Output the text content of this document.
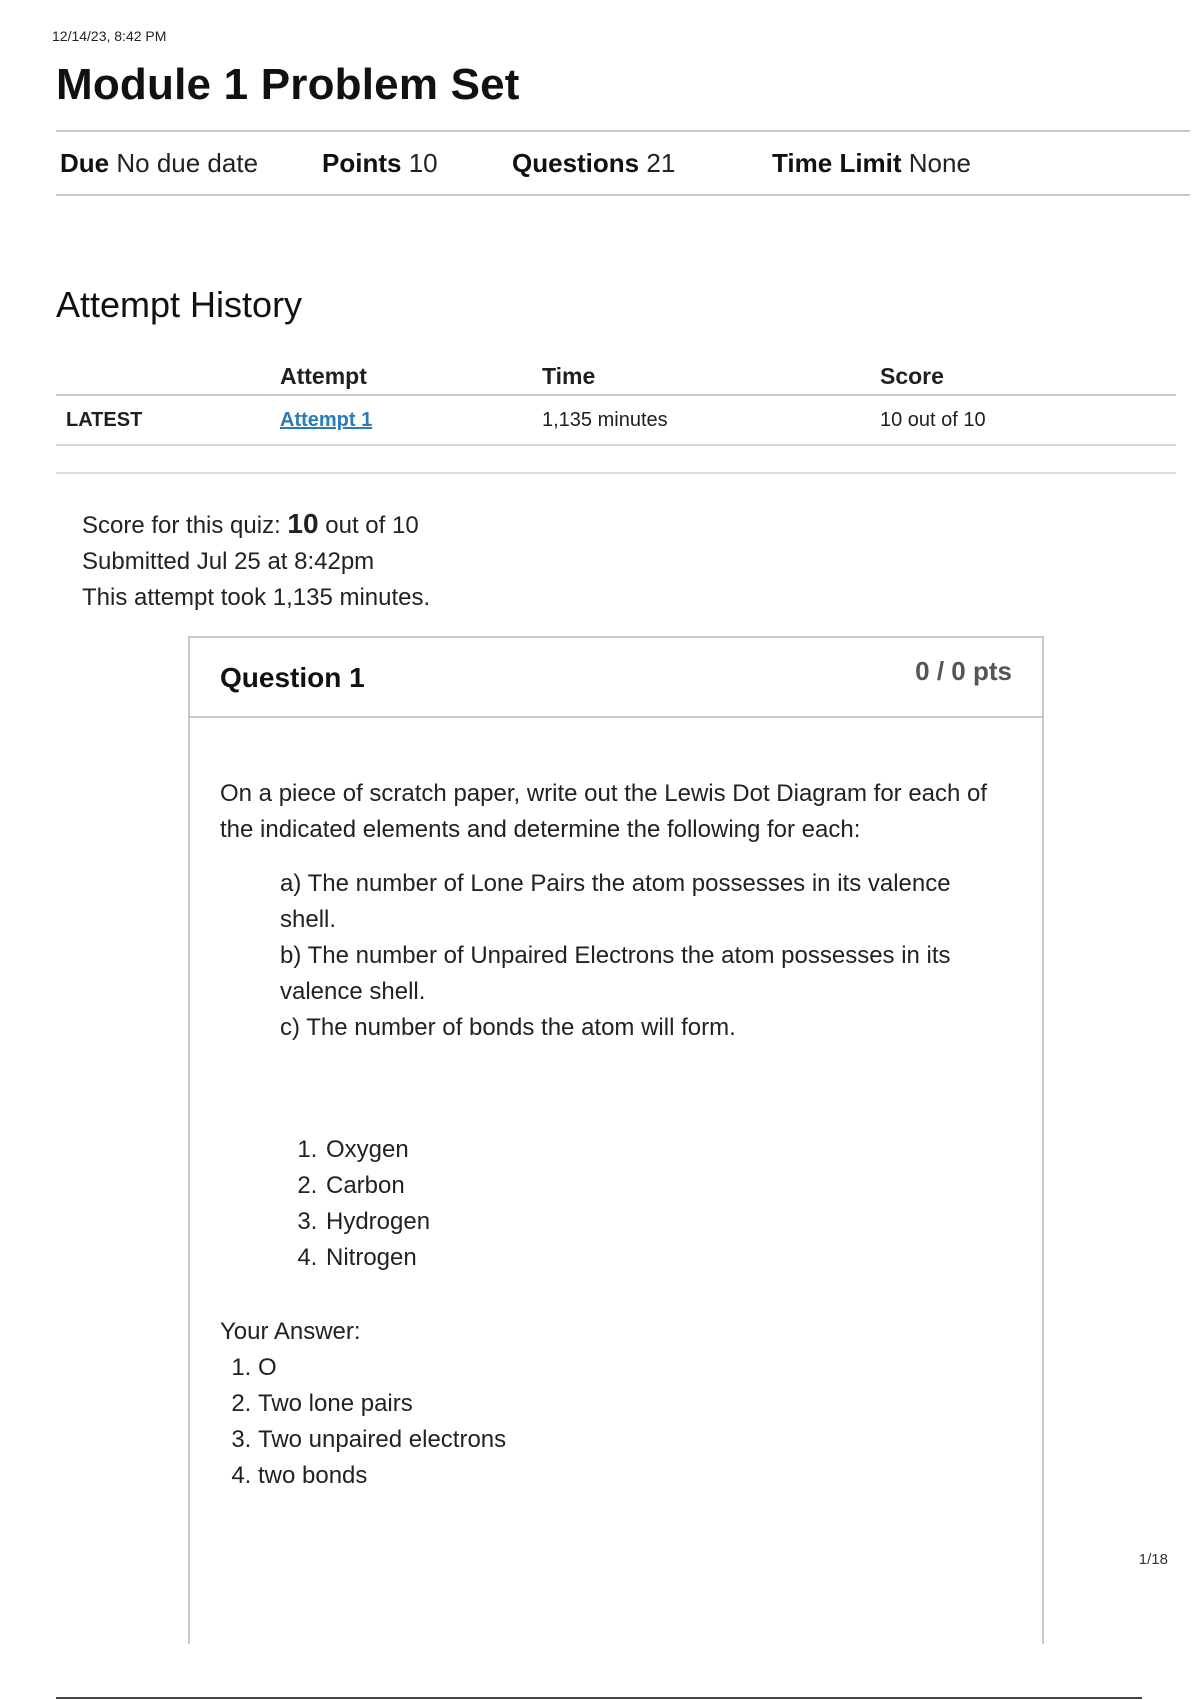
12/14/23, 8:42 PM
Module 1 Problem Set
Due No due date Points 10	Questions 21	Time Limit None
Attempt History
	Attempt	Time	Score
LATEST	Attempt 1	1,135 minutes	10 out of 10
Score for this quiz: 10 out of 10
Submitted Jul 25 at 8:42pm
This attempt took 1,135 minutes.
Question 1	0 / 0 pts

On a piece of scratch paper, write out the Lewis Dot Diagram for each of the indicated elements and determine the following for each:

a) The number of Lone Pairs the atom possesses in its valence shell.
b) The number of Unpaired Electrons the atom possesses in its valence shell.
c) The number of bonds the atom will form.
1. Oxygen
2. Carbon
3. Hydrogen
4. Nitrogen
Your Answer:
1. O
2. Two lone pairs
3. Two unpaired electrons
4. two bonds
1/18
